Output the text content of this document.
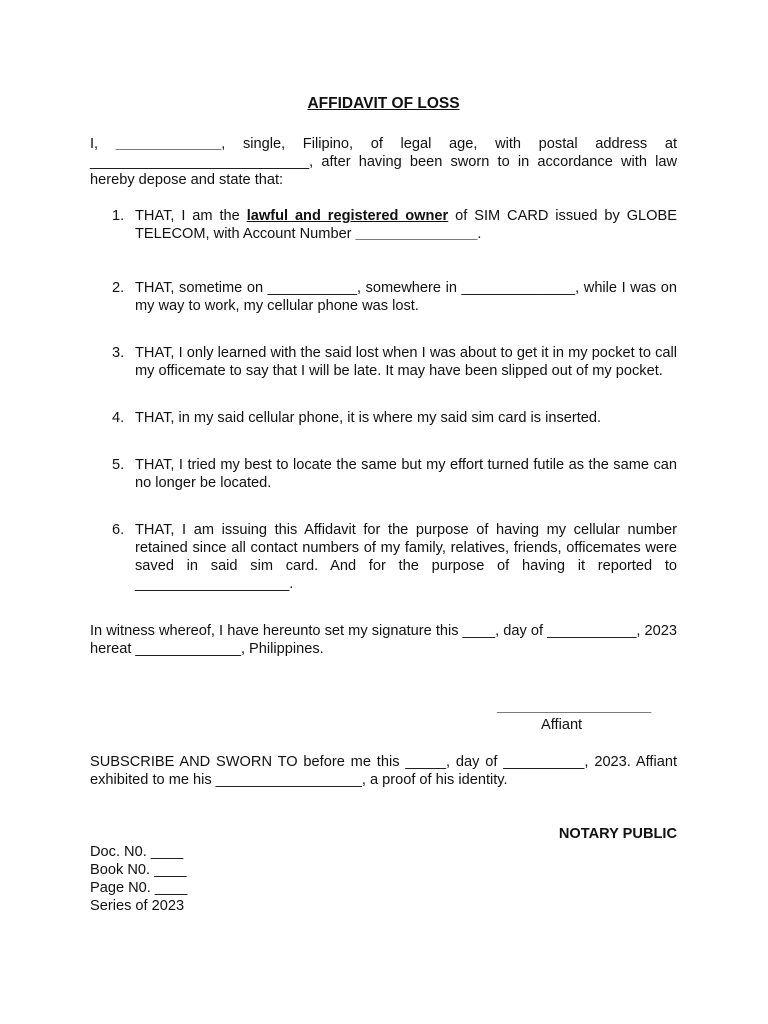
AFFIDAVIT OF LOSS

I, _____________, single, Filipino, of legal age, with postal address at ___________________________, after having been sworn to in accordance with law hereby depose and state that:

1. THAT, I am the lawful and registered owner of SIM CARD issued by GLOBE TELECOM, with Account Number _______________.
2. THAT, sometime on ___________, somewhere in ______________, while I was on my way to work, my cellular phone was lost.
3. THAT, I only learned with the said lost when I was about to get it in my pocket to call my officemate to say that I will be late. It may have been slipped out of my pocket.
4. THAT, in my said cellular phone, it is where my said sim card is inserted.
5. THAT, I tried my best to locate the same but my effort turned futile as the same can no longer be located.
6. THAT, I am issuing this Affidavit for the purpose of having my cellular number retained since all contact numbers of my family, relatives, friends, officemates were saved in said sim card. And for the purpose of having it reported to ___________________.

In witness whereof, I have hereunto set my signature this ____, day of ___________, 2023 hereat _____________, Philippines.

___________________
Affiant

SUBSCRIBE AND SWORN TO before me this _____, day of __________, 2023. Affiant exhibited to me his __________________, a proof of his identity.

NOTARY PUBLIC
Doc. N0. ____
Book N0. ____
Page N0. ____
Series of 2023
